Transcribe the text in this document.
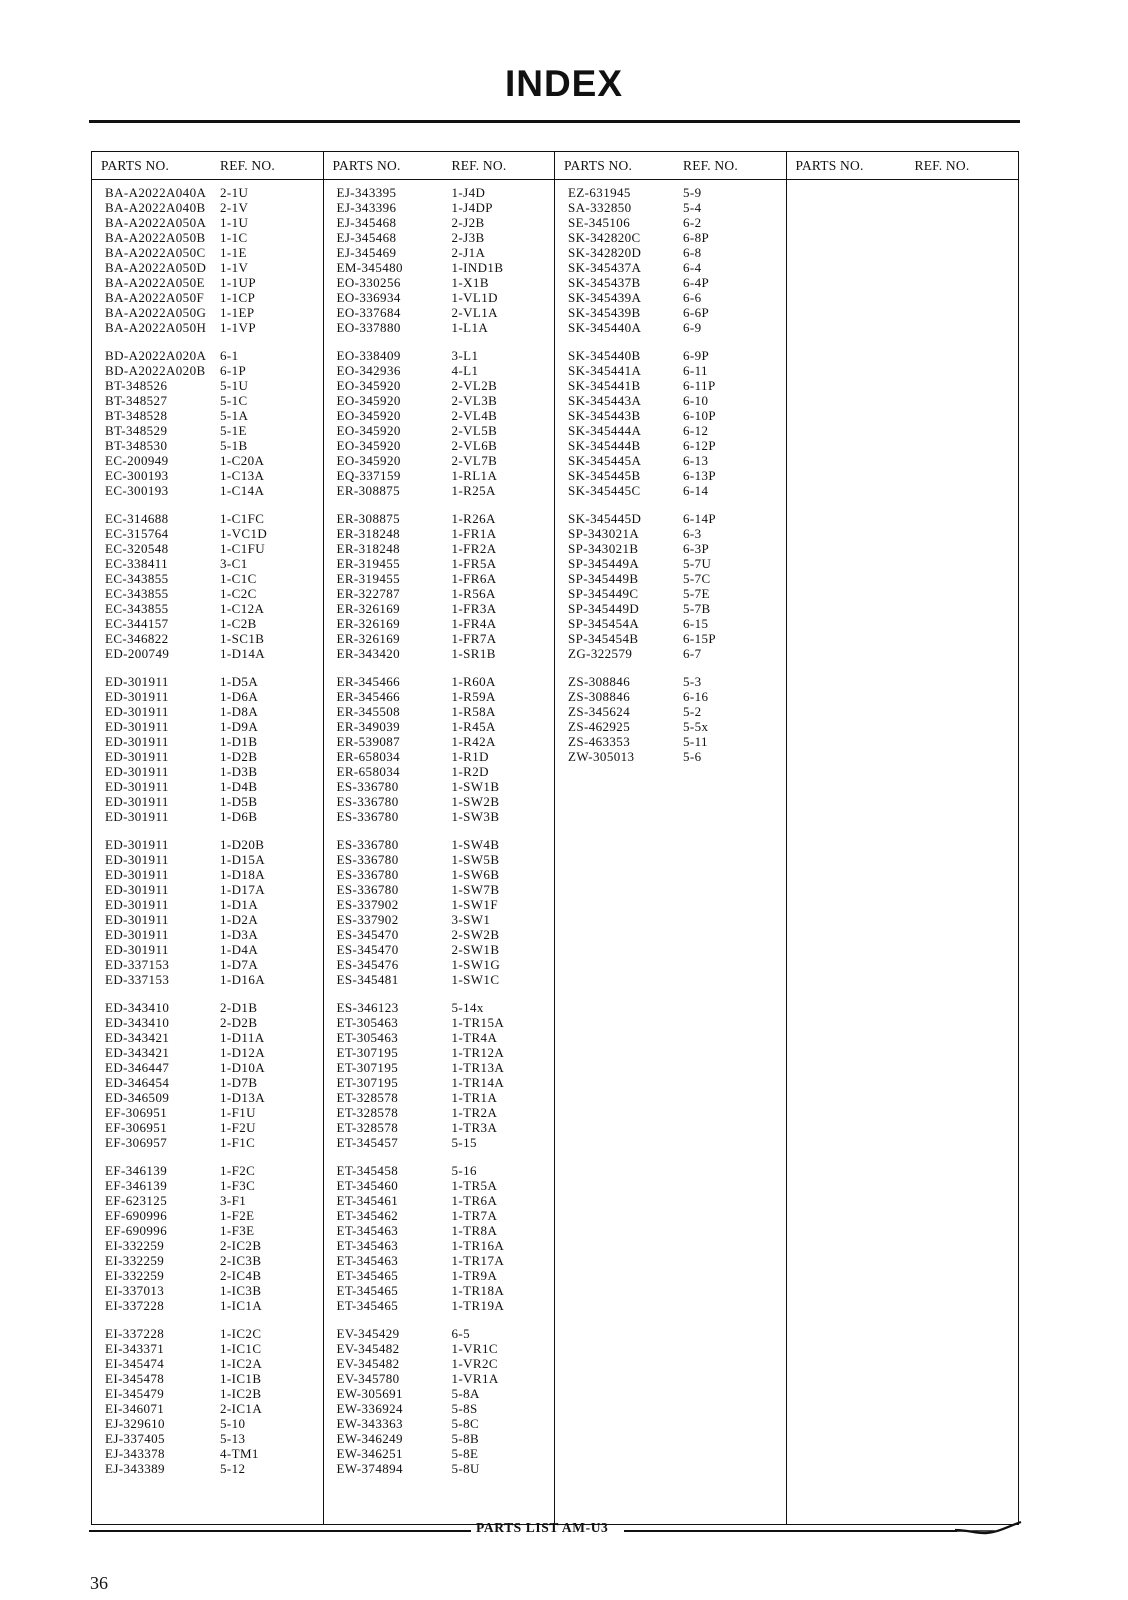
INDEX
PARTS NO.	REF. NO.
BA-A2022A040A	2-1U
BA-A2022A040B	2-1V
BA-A2022A050A	1-1U
BA-A2022A050B	1-1C
BA-A2022A050C	1-1E
BA-A2022A050D	1-1V
BA-A2022A050E	1-1UP
BA-A2022A050F	1-1CP
BA-A2022A050G	1-1EP
BA-A2022A050H	1-1VP
BD-A2022A020A	6-1
BD-A2022A020B	6-1P
BT-348526	5-1U
BT-348527	5-1C
BT-348528	5-1A
BT-348529	5-1E
BT-348530	5-1B
EC-200949	1-C20A
EC-300193	1-C13A
EC-300193	1-C14A
EC-314688	1-C1FC
EC-315764	1-VC1D
EC-320548	1-C1FU
EC-338411	3-C1
EC-343855	1-C1C
EC-343855	1-C2C
EC-343855	1-C12A
EC-344157	1-C2B
EC-346822	1-SC1B
ED-200749	1-D14A
ED-301911	1-D5A
ED-301911	1-D6A
ED-301911	1-D8A
ED-301911	1-D9A
ED-301911	1-D1B
ED-301911	1-D2B
ED-301911	1-D3B
ED-301911	1-D4B
ED-301911	1-D5B
ED-301911	1-D6B
ED-301911	1-D20B
ED-301911	1-D15A
ED-301911	1-D18A
ED-301911	1-D17A
ED-301911	1-D1A
ED-301911	1-D2A
ED-301911	1-D3A
ED-301911	1-D4A
ED-337153	1-D7A
ED-337153	1-D16A
ED-343410	2-D1B
ED-343410	2-D2B
ED-343421	1-D11A
ED-343421	1-D12A
ED-346447	1-D10A
ED-346454	1-D7B
ED-346509	1-D13A
EF-306951	1-F1U
EF-306951	1-F2U
EF-306957	1-F1C
EF-346139	1-F2C
EF-346139	1-F3C
EF-623125	3-F1
EF-690996	1-F2E
EF-690996	1-F3E
EI-332259	2-IC2B
EI-332259	2-IC3B
EI-332259	2-IC4B
EI-337013	1-IC3B
EI-337228	1-IC1A
EI-337228	1-IC2C
EI-343371	1-IC1C
EI-345474	1-IC2A
EI-345478	1-IC1B
EI-345479	1-IC2B
EI-346071	2-IC1A
EJ-329610	5-10
EJ-337405	5-13
EJ-343378	4-TM1
EJ-343389	5-12
PARTS NO.	REF. NO.
EJ-343395	1-J4D
EJ-343396	1-J4DP
EJ-345468	2-J2B
EJ-345468	2-J3B
EJ-345469	2-J1A
EM-345480	1-IND1B
EO-330256	1-X1B
EO-336934	1-VL1D
EO-337684	2-VL1A
EO-337880	1-L1A
EO-338409	3-L1
EO-342936	4-L1
EO-345920	2-VL2B
EO-345920	2-VL3B
EO-345920	2-VL4B
EO-345920	2-VL5B
EO-345920	2-VL6B
EO-345920	2-VL7B
EQ-337159	1-RL1A
ER-308875	1-R25A
ER-308875	1-R26A
ER-318248	1-FR1A
ER-318248	1-FR2A
ER-319455	1-FR5A
ER-319455	1-FR6A
ER-322787	1-R56A
ER-326169	1-FR3A
ER-326169	1-FR4A
ER-326169	1-FR7A
ER-343420	1-SR1B
ER-345466	1-R60A
ER-345466	1-R59A
ER-345508	1-R58A
ER-349039	1-R45A
ER-539087	1-R42A
ER-658034	1-R1D
ER-658034	1-R2D
ES-336780	1-SW1B
ES-336780	1-SW2B
ES-336780	1-SW3B
ES-336780	1-SW4B
ES-336780	1-SW5B
ES-336780	1-SW6B
ES-336780	1-SW7B
ES-337902	1-SW1F
ES-337902	3-SW1
ES-345470	2-SW2B
ES-345470	2-SW1B
ES-345476	1-SW1G
ES-345481	1-SW1C
ES-346123	5-14x
ET-305463	1-TR15A
ET-305463	1-TR4A
ET-307195	1-TR12A
ET-307195	1-TR13A
ET-307195	1-TR14A
ET-328578	1-TR1A
ET-328578	1-TR2A
ET-328578	1-TR3A
ET-345457	5-15
ET-345458	5-16
ET-345460	1-TR5A
ET-345461	1-TR6A
ET-345462	1-TR7A
ET-345463	1-TR8A
ET-345463	1-TR16A
ET-345463	1-TR17A
ET-345465	1-TR9A
ET-345465	1-TR18A
ET-345465	1-TR19A
EV-345429	6-5
EV-345482	1-VR1C
EV-345482	1-VR2C
EV-345780	1-VR1A
EW-305691	5-8A
EW-336924	5-8S
EW-343363	5-8C
EW-346249	5-8B
EW-346251	5-8E
EW-374894	5-8U
PARTS NO.	REF. NO.
EZ-631945	5-9
SA-332850	5-4
SE-345106	6-2
SK-342820C	6-8P
SK-342820D	6-8
SK-345437A	6-4
SK-345437B	6-4P
SK-345439A	6-6
SK-345439B	6-6P
SK-345440A	6-9
SK-345440B	6-9P
SK-345441A	6-11
SK-345441B	6-11P
SK-345443A	6-10
SK-345443B	6-10P
SK-345444A	6-12
SK-345444B	6-12P
SK-345445A	6-13
SK-345445B	6-13P
SK-345445C	6-14
SK-345445D	6-14P
SP-343021A	6-3
SP-343021B	6-3P
SP-345449A	5-7U
SP-345449B	5-7C
SP-345449C	5-7E
SP-345449D	5-7B
SP-345454A	6-15
SP-345454B	6-15P
ZG-322579	6-7
ZS-308846	5-3
ZS-308846	6-16
ZS-345624	5-2
ZS-462925	5-5x
ZS-463353	5-11
ZW-305013	5-6
PARTS NO.	REF. NO.
PARTS LIST AM-U3
36
